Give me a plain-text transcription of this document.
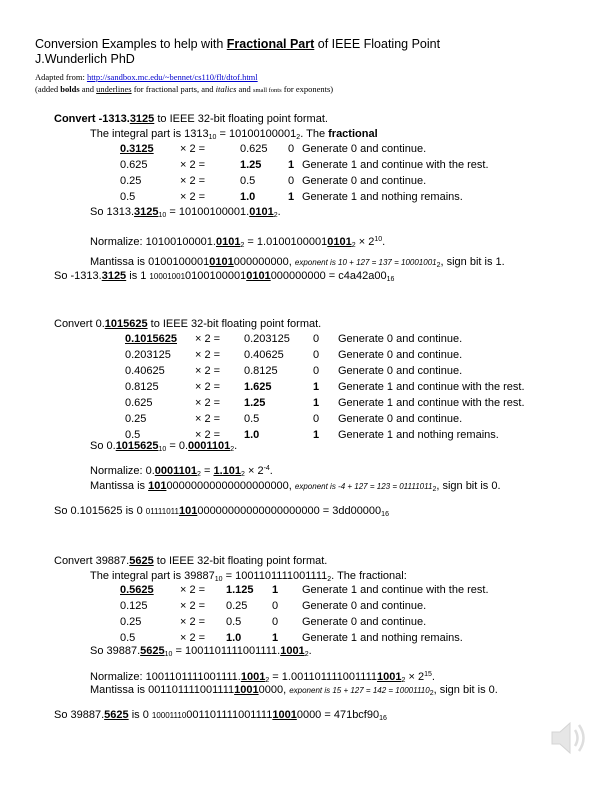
Conversion Examples to help with Fractional Part of IEEE Floating Point
J.Wunderlich PhD
Adapted from: http://sandbox.mc.edu/~bennet/cs110/flt/dtof.html
(added bolds and underlines for fractional parts, and italics and small fonts for exponents)
Convert -1313.3125 to IEEE 32-bit floating point format.
The integral part is $1313_{10} = 10100100001_2$. The fractional
0.3125 × 2 =	0.625 0 Generate 0 and continue.
0.625	× 2 =	1.25 1 Generate 1 and continue with the rest.
0.25	× 2 =	0.5	0 Generate 0 and continue.
0.5	× 2 =	1.0	1 Generate 1 and nothing remains.
So $1313.3125_{10} = 10100100001.0101_2$.
Normalize: $10100100001.0101_2 = 1.01001000010101_2 \times 2^{10}$.
Mantissa is 01001000010101000000000, exponent is $10 + 127 = 137 = 10001001_2$, sign bit is 1.
So -1313.3125 is 1 $1000100101001000010101000000000 = c4a42a00_{16}$
Convert 0.1015625 to IEEE 32-bit floating point format.
0.1015625 × 2 = 0.203125 0 Generate 0 and continue.
0.203125 × 2 = 0.40625	0 Generate 0 and continue.
0.40625	× 2 = 0.8125	0 Generate 0 and continue.
0.8125	× 2 = 1.625	1 Generate 1 and continue with the rest.
0.625	× 2 = 1.25	1 Generate 1 and continue with the rest.
0.25	× 2 = 0.5	0 Generate 0 and continue.
0.5	× 2 = 1.0	1 Generate 1 and nothing remains.
So $0.1015625_{10} = 0.0001101_2$.
Normalize: $0.0001101_2 = 1.101_2 \times 2^{-4}$.
Mantissa is 10100000000000000000000, exponent is $-4 + 127 = 123 = 01111011_2$, sign bit is 0.
So 0.1015625 is 0 $0111101110100000000000000000000 = 3dd00000_{16}$
Convert 39887.5625 to IEEE 32-bit floating point format.
The integral part is $39887_{10} = 1001101111001111_2$. The fractional:
0.5625 × 2 = 1.125 1 Generate 1 and continue with the rest.
0.125	× 2 = 0.25 0 Generate 0 and continue.
0.25	× 2 = 0.5	0 Generate 0 and continue.
0.5	× 2 = 1.0	1 Generate 1 and nothing remains.
So $39887.5625_{10} = 1001101111001111.1001_2$.
Normalize: $1001101111001111.1001_2 = 1.0011011110011111001_2 \times 2^{15}$.
Mantissa is 00110111100111110010000, exponent is $15 + 127 = 142 = 10001110_2$, sign bit is 0.
So 39887.5625 is 0 $1000111000110111100111110010000 = 471bcf90_{16}$
